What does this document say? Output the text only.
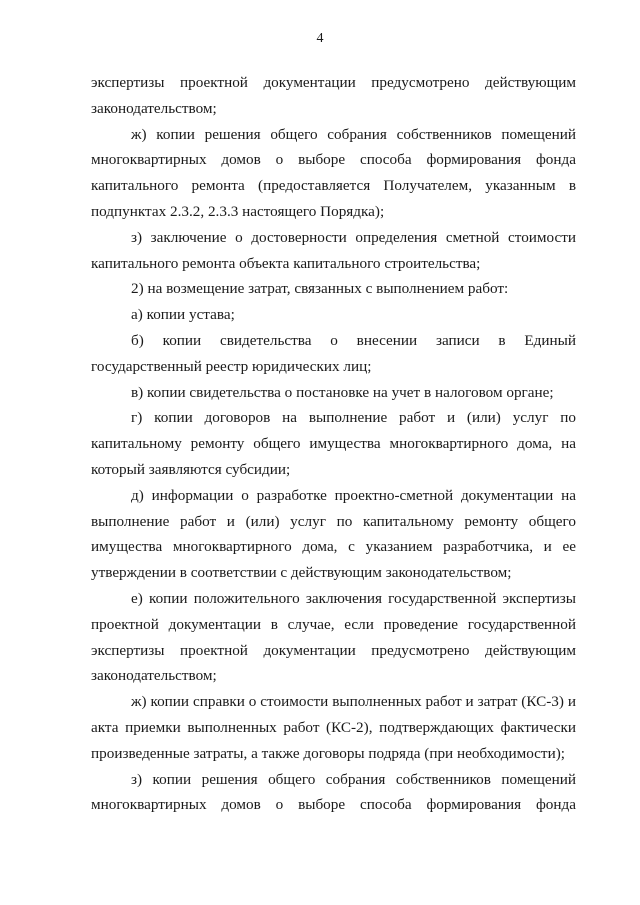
4
экспертизы проектной документации предусмотрено действующим
законодательством;
ж) копии решения общего собрания собственников помещений
многоквартирных домов о выборе способа формирования фонда
капитального ремонта (предоставляется Получателем, указанным в
подпунктах 2.3.2, 2.3.3 настоящего Порядка);
з) заключение о достоверности определения сметной стоимости
капитального ремонта объекта капитального строительства;
2) на возмещение затрат, связанных с выполнением работ:
а) копии устава;
б) копии свидетельства о внесении записи в Единый
государственный реестр юридических лиц;
в) копии свидетельства о постановке на учет в налоговом органе;
г) копии договоров на выполнение работ и (или) услуг по
капитальному ремонту общего имущества многоквартирного дома, на
который заявляются субсидии;
д) информации о разработке проектно-сметной документации на
выполнение работ и (или) услуг по капитальному ремонту общего
имущества многоквартирного дома, с указанием разработчика, и ее
утверждении в соответствии с действующим законодательством;
е) копии положительного заключения государственной экспертизы
проектной документации в случае, если проведение государственной
экспертизы проектной документации предусмотрено действующим
законодательством;
ж) копии справки о стоимости выполненных работ и затрат (КС-3) и
акта приемки выполненных работ (КС-2), подтверждающих фактически
произведенные затраты, а также договоры подряда (при необходимости);
з) копии решения общего собрания собственников помещений
многоквартирных домов о выборе способа формирования фонда
